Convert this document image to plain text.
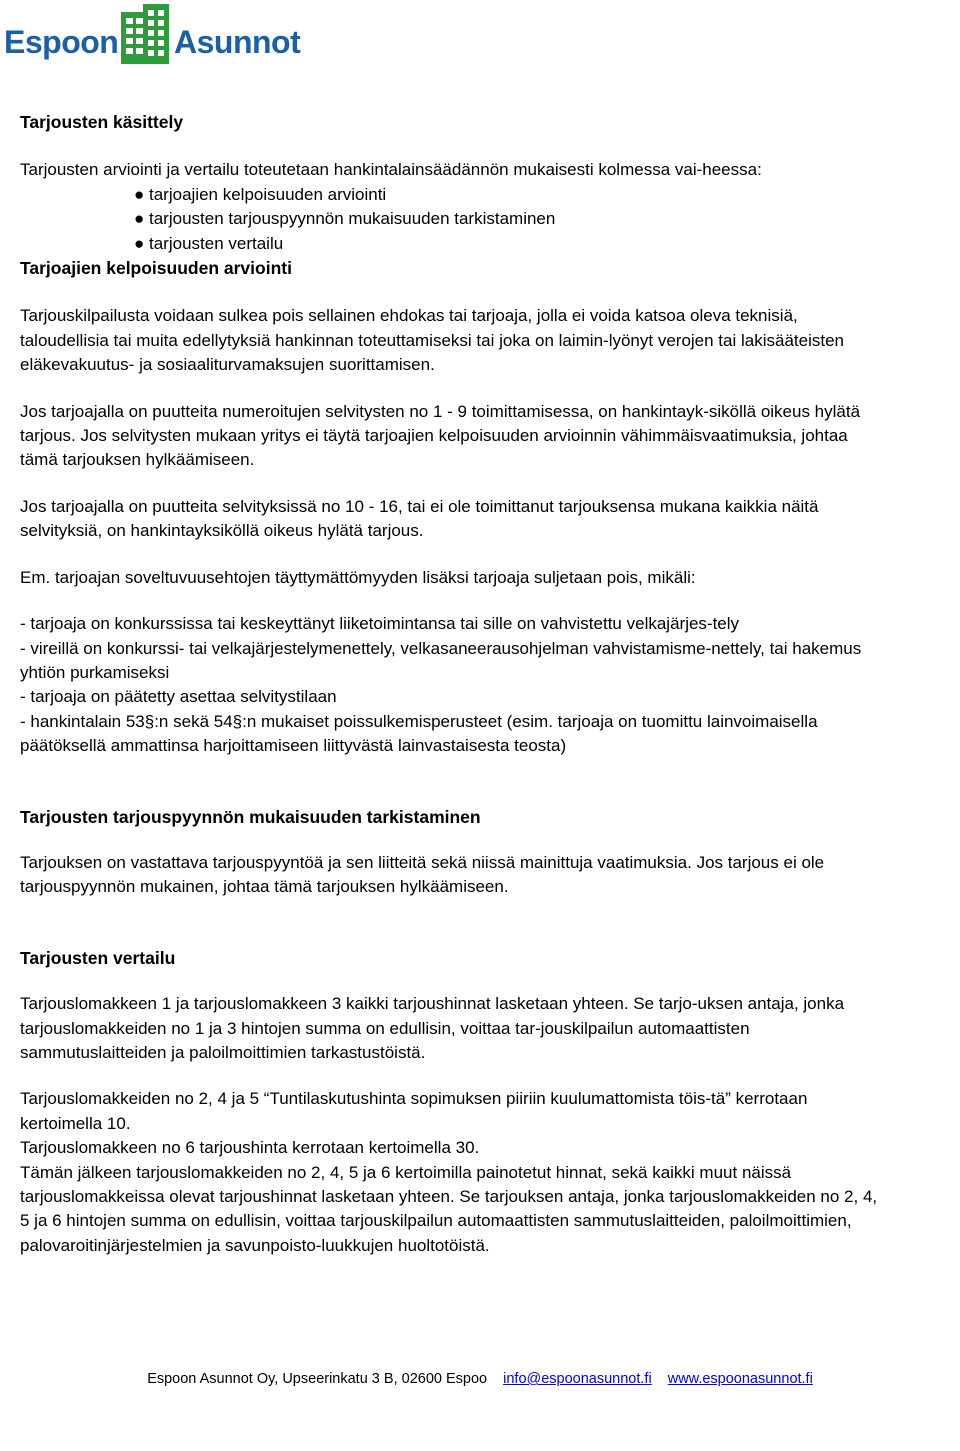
Espoon Asunnot

Tarjousten käsittely

Tarjousten arviointi ja vertailu toteutetaan hankintalainsäädännön mukaisesti kolmessa vai-heessa:

● tarjoajien kelpoisuuden arviointi

● tarjousten tarjouspyynnön mukaisuuden tarkistaminen

● tarjousten vertailu

Tarjoajien kelpoisuuden arviointi

Tarjouskilpailusta voidaan sulkea pois sellainen ehdokas tai tarjoaja, jolla ei voida katsoa oleva teknisiä, taloudellisia tai muita edellytyksiä hankinnan toteuttamiseksi tai joka on laimin-lyönyt verojen tai lakisääteisten eläkevakuutus- ja sosiaaliturvamaksujen suorittamisen.

Jos tarjoajalla on puutteita numeroitujen selvitysten no 1 - 9 toimittamisessa, on hankintayk-siköllä oikeus hylätä tarjous. Jos selvitysten mukaan yritys ei täytä tarjoajien kelpoisuuden arvioinnin vähimmäisvaatimuksia, johtaa tämä tarjouksen hylkäämiseen.

Jos tarjoajalla on puutteita selvityksissä no 10 - 16, tai ei ole toimittanut tarjouksensa mukana kaikkia näitä selvityksiä, on hankintayksiköllä oikeus hylätä tarjous.

Em. tarjoajan soveltuvuusehtojen täyttymättömyyden lisäksi tarjoaja suljetaan pois, mikäli:

- tarjoaja on konkurssissa tai keskeyttänyt liiketoimintansa tai sille on vahvistettu velkajärjes-tely

- vireillä on konkurssi- tai velkajärjestelymenettely, velkasaneerausohjelman vahvistamisme-nettely, tai hakemus yhtiön purkamiseksi

- tarjoaja on päätetty asettaa selvitystilaan

- hankintalain 53§:n sekä 54§:n mukaiset poissulkemisperusteet (esim. tarjoaja on tuomittu lainvoimaisella päätöksellä ammattinsa harjoittamiseen liittyvästä lainvastaisesta teosta)

Tarjousten tarjouspyynnön mukaisuuden tarkistaminen

Tarjouksen on vastattava tarjouspyyntöä ja sen liitteitä sekä niissä mainittuja vaatimuksia. Jos tarjous ei ole tarjouspyynnön mukainen, johtaa tämä tarjouksen hylkäämiseen.

Tarjousten vertailu

Tarjouslomakkeen 1 ja tarjouslomakkeen 3 kaikki tarjoushinnat lasketaan yhteen. Se tarjo-uksen antaja, jonka tarjouslomakkeiden no 1 ja 3 hintojen summa on edullisin, voittaa tar-jouskilpailun automaattisten sammutuslaitteiden ja paloilmoittimien tarkastustöistä.

Tarjouslomakkeiden no 2, 4 ja 5 “Tuntilaskutushinta sopimuksen piiriin kuulumattomista töis-tä” kerrotaan kertoimella 10.

Tarjouslomakkeen no 6 tarjoushinta kerrotaan kertoimella 30.

Tämän jälkeen tarjouslomakkeiden no 2, 4, 5 ja 6 kertoimilla painotetut hinnat, sekä kaikki muut näissä tarjouslomakkeissa olevat tarjoushinnat lasketaan yhteen. Se tarjouksen antaja, jonka tarjouslomakkeiden no 2, 4, 5 ja 6 hintojen summa on edullisin, voittaa tarjouskilpailun automaattisten sammutuslaitteiden, paloilmoittimien, palovaroitinjärjestelmien ja savunpoisto-luukkujen huoltotöistä.

Espoon Asunnot Oy, Upseerinkatu 3 B, 02600 Espoo info@espoonasunnot.fi www.espoonasunnot.fi
